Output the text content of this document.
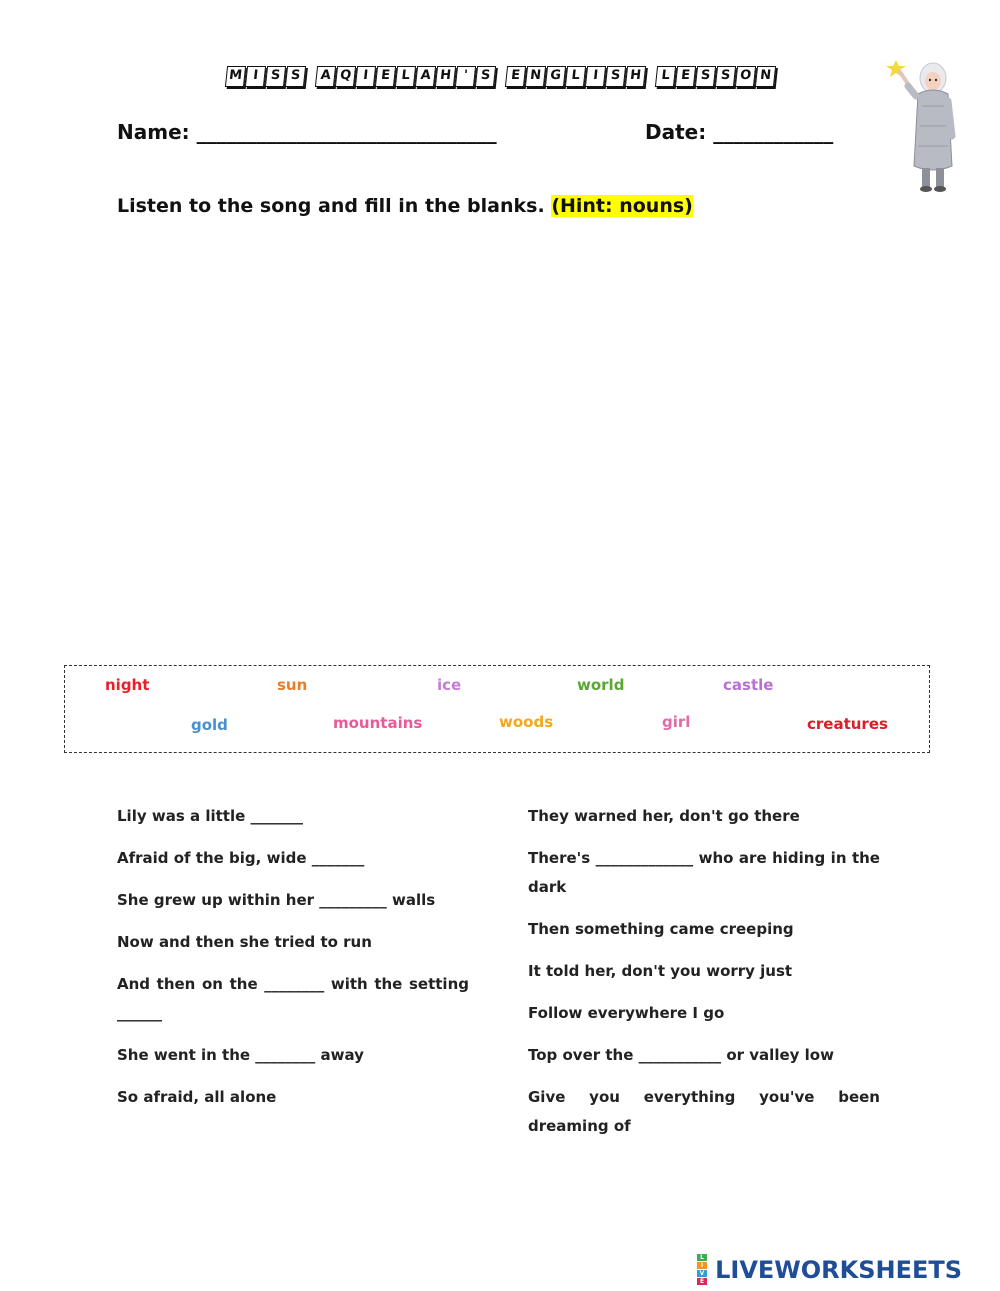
M I S S A Q I E L A H ' S E N G L I S H L E S S O N
Name: ______________________________	Date: ____________
Listen to the song and fill in the blanks. (Hint: nouns)
night	sun	ice	world	castle
gold	mountains	woods	girl	creatures
Lily was a little _______
Afraid of the big, wide _______
She grew up within her _________ walls
Now and then she tried to run
And then on the ________ with the setting ______
She went in the ________ away
So afraid, all alone
They warned her, don't go there
There's _____________ who are hiding in the dark
Then something came creeping
It told her, don't you worry just
Follow everywhere I go
Top over the ___________ or valley low
Give you everything you've been dreaming of
L
I
V
E LIVEWORKSHEETS
